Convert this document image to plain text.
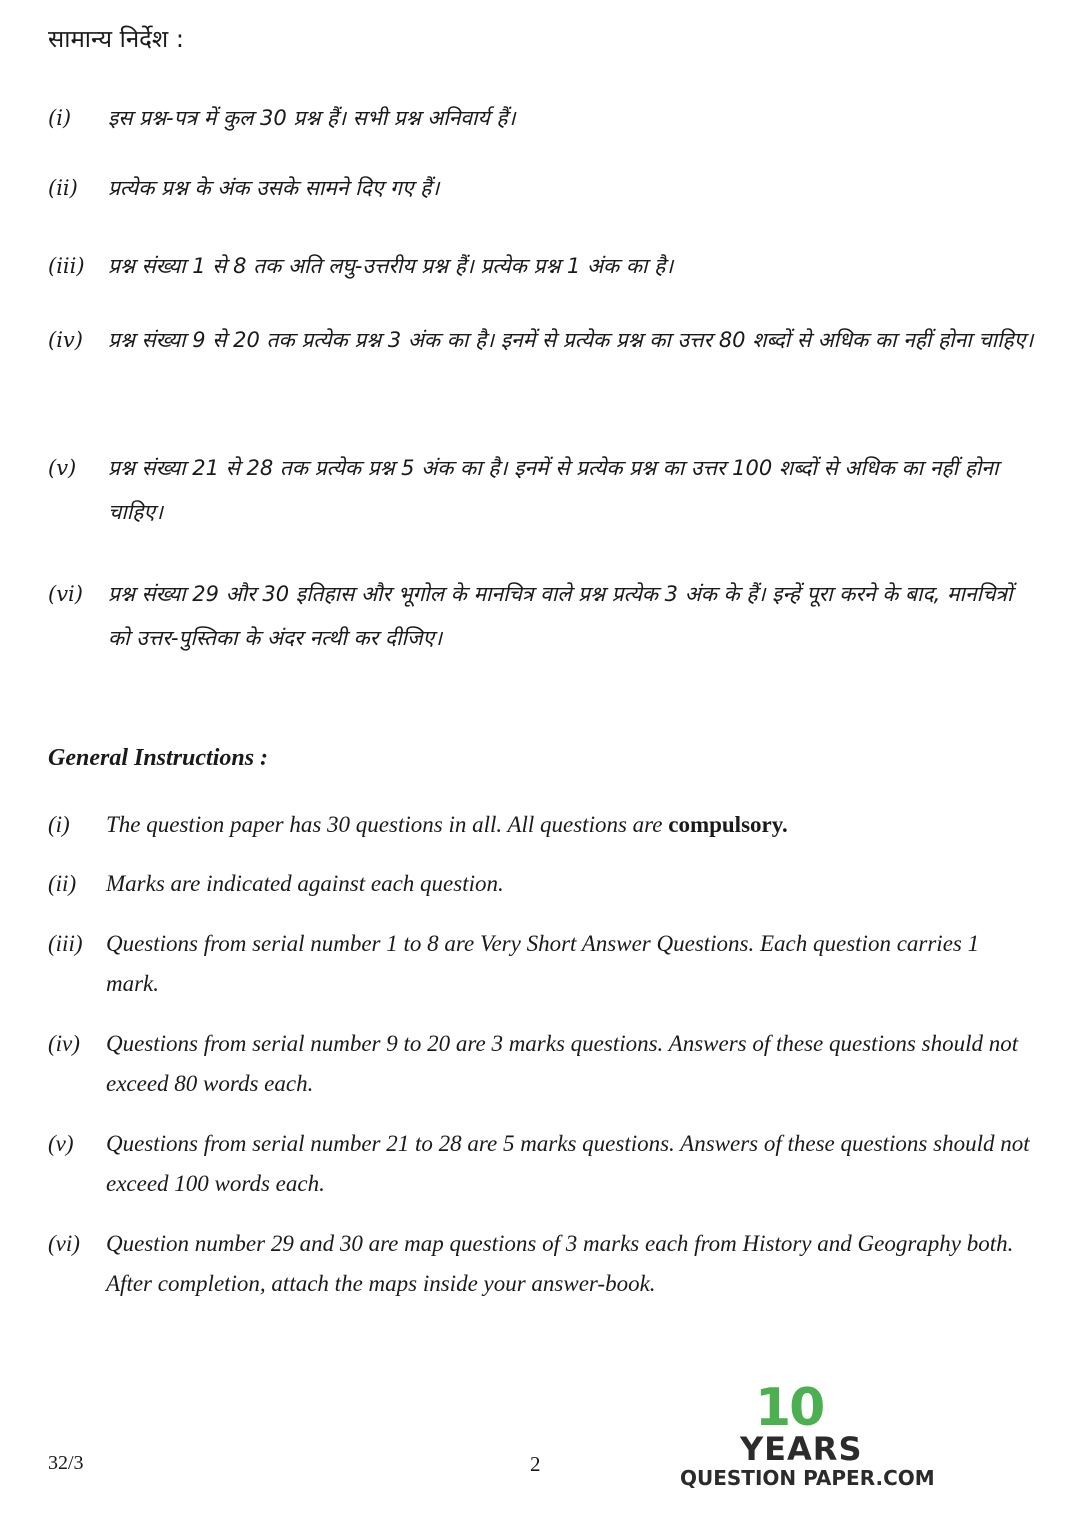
सामान्य निर्देश :
(i) इस प्रश्न-पत्र में कुल 30 प्रश्न हैं। सभी प्रश्न अनिवार्य हैं।
(ii) प्रत्येक प्रश्न के अंक उसके सामने दिए गए हैं।
(iii) प्रश्न संख्या 1 से 8 तक अति लघु-उत्तरीय प्रश्न हैं। प्रत्येक प्रश्न 1 अंक का है।
(iv) प्रश्न संख्या 9 से 20 तक प्रत्येक प्रश्न 3 अंक का है। इनमें से प्रत्येक प्रश्न का उत्तर 80 शब्दों से अधिक का नहीं होना चाहिए।
(v) प्रश्न संख्या 21 से 28 तक प्रत्येक प्रश्न 5 अंक का है। इनमें से प्रत्येक प्रश्न का उत्तर 100 शब्दों से अधिक का नहीं होना चाहिए।
(vi) प्रश्न संख्या 29 और 30 इतिहास और भूगोल के मानचित्र वाले प्रश्न प्रत्येक 3 अंक के हैं। इन्हें पूरा करने के बाद, मानचित्रों को उत्तर-पुस्तिका के अंदर नत्थी कर दीजिए।
General Instructions :
(i) The question paper has 30 questions in all. All questions are compulsory.
(ii) Marks are indicated against each question.
(iii) Questions from serial number 1 to 8 are Very Short Answer Questions. Each question carries 1 mark.
(iv) Questions from serial number 9 to 20 are 3 marks questions. Answers of these questions should not exceed 80 words each.
(v) Questions from serial number 21 to 28 are 5 marks questions. Answers of these questions should not exceed 100 words each.
(vi) Question number 29 and 30 are map questions of 3 marks each from History and Geography both. After completion, attach the maps inside your answer-book.
32/3	2
10
YEARS
QUESTION PAPER.COM
